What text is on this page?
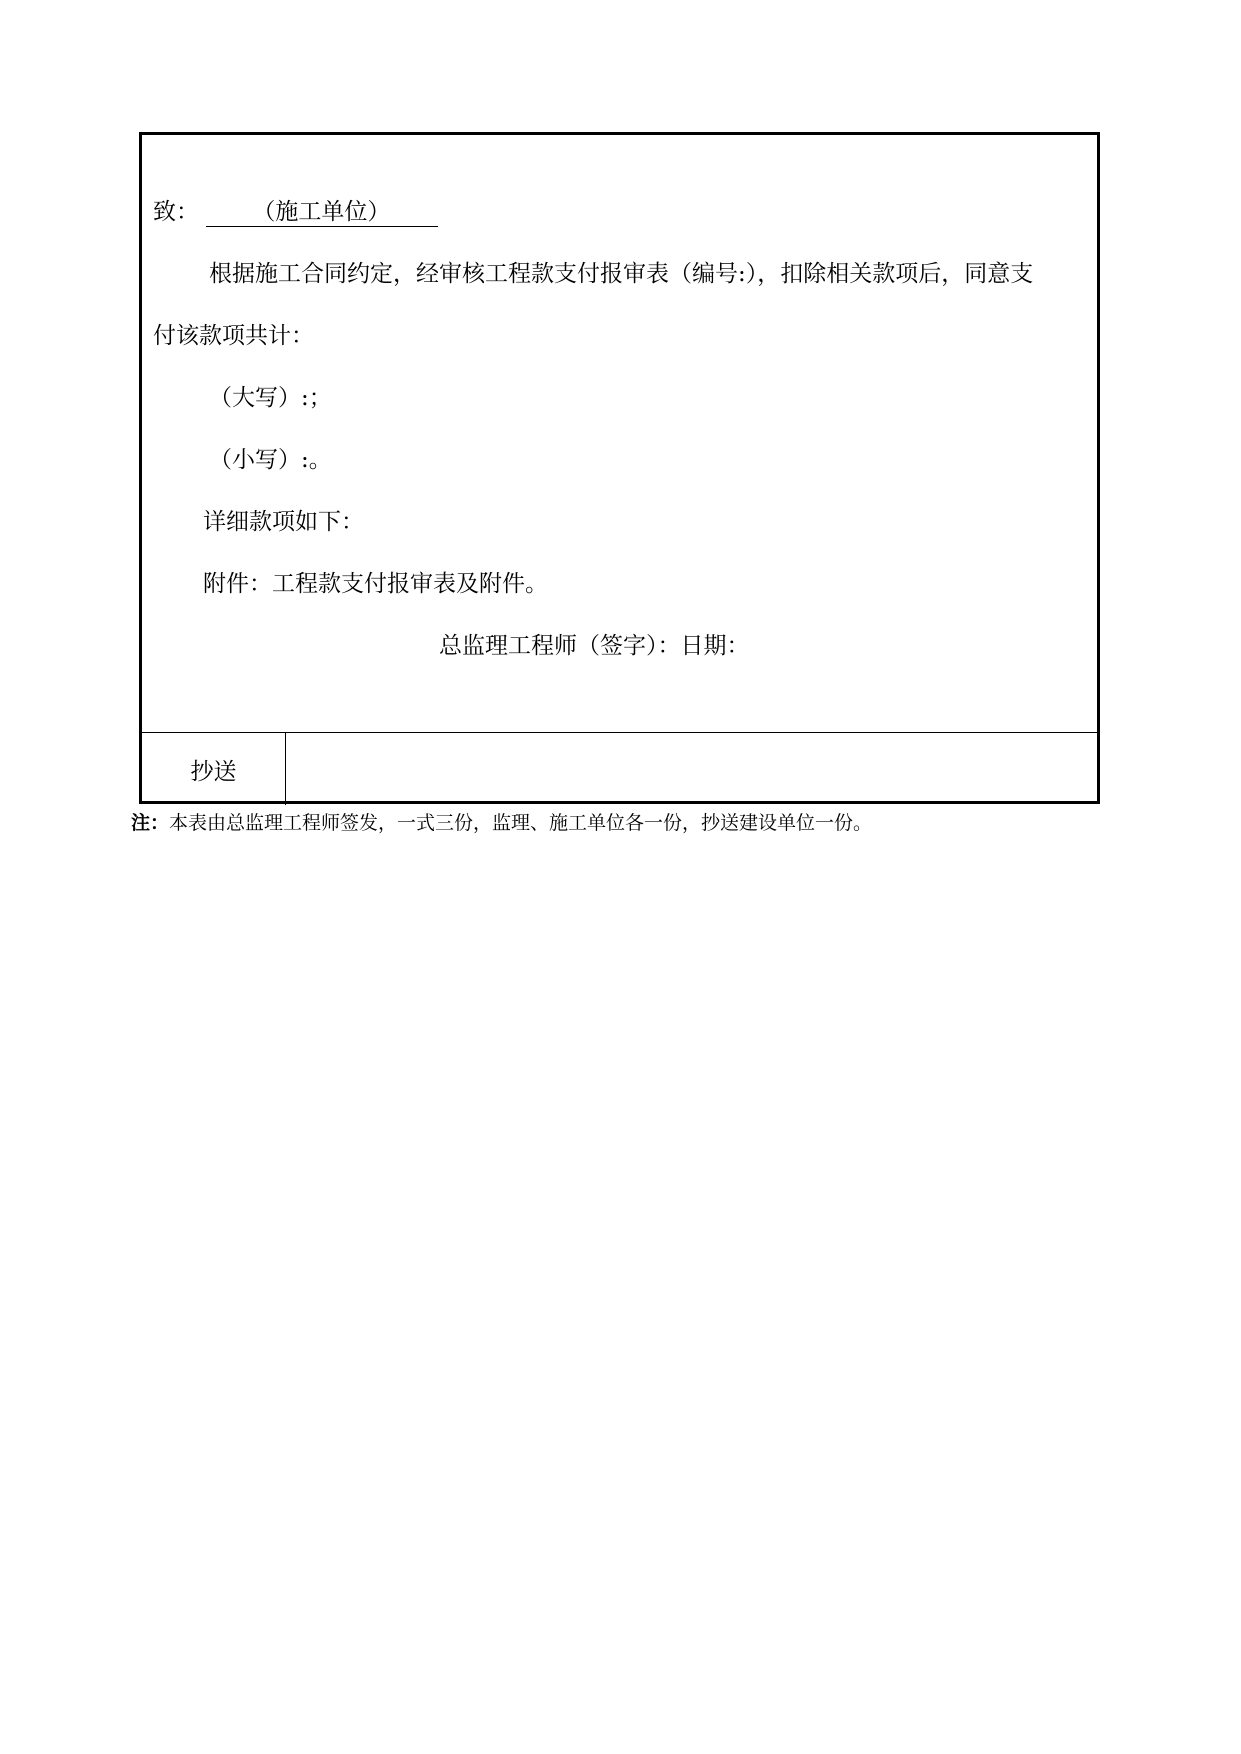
致： （施工单位）
根据施工合同约定，经审核工程款支付报审表（编号:），扣除相关款项后，同意支
付该款项共计：
（大写）:；
（小写）:。
详细款项如下：
附件：工程款支付报审表及附件。
总监理工程师（签字）：日期：
抄送
注：本表由总监理工程师签发，一式三份，监理、施工单位各一份，抄送建设单位一份。
